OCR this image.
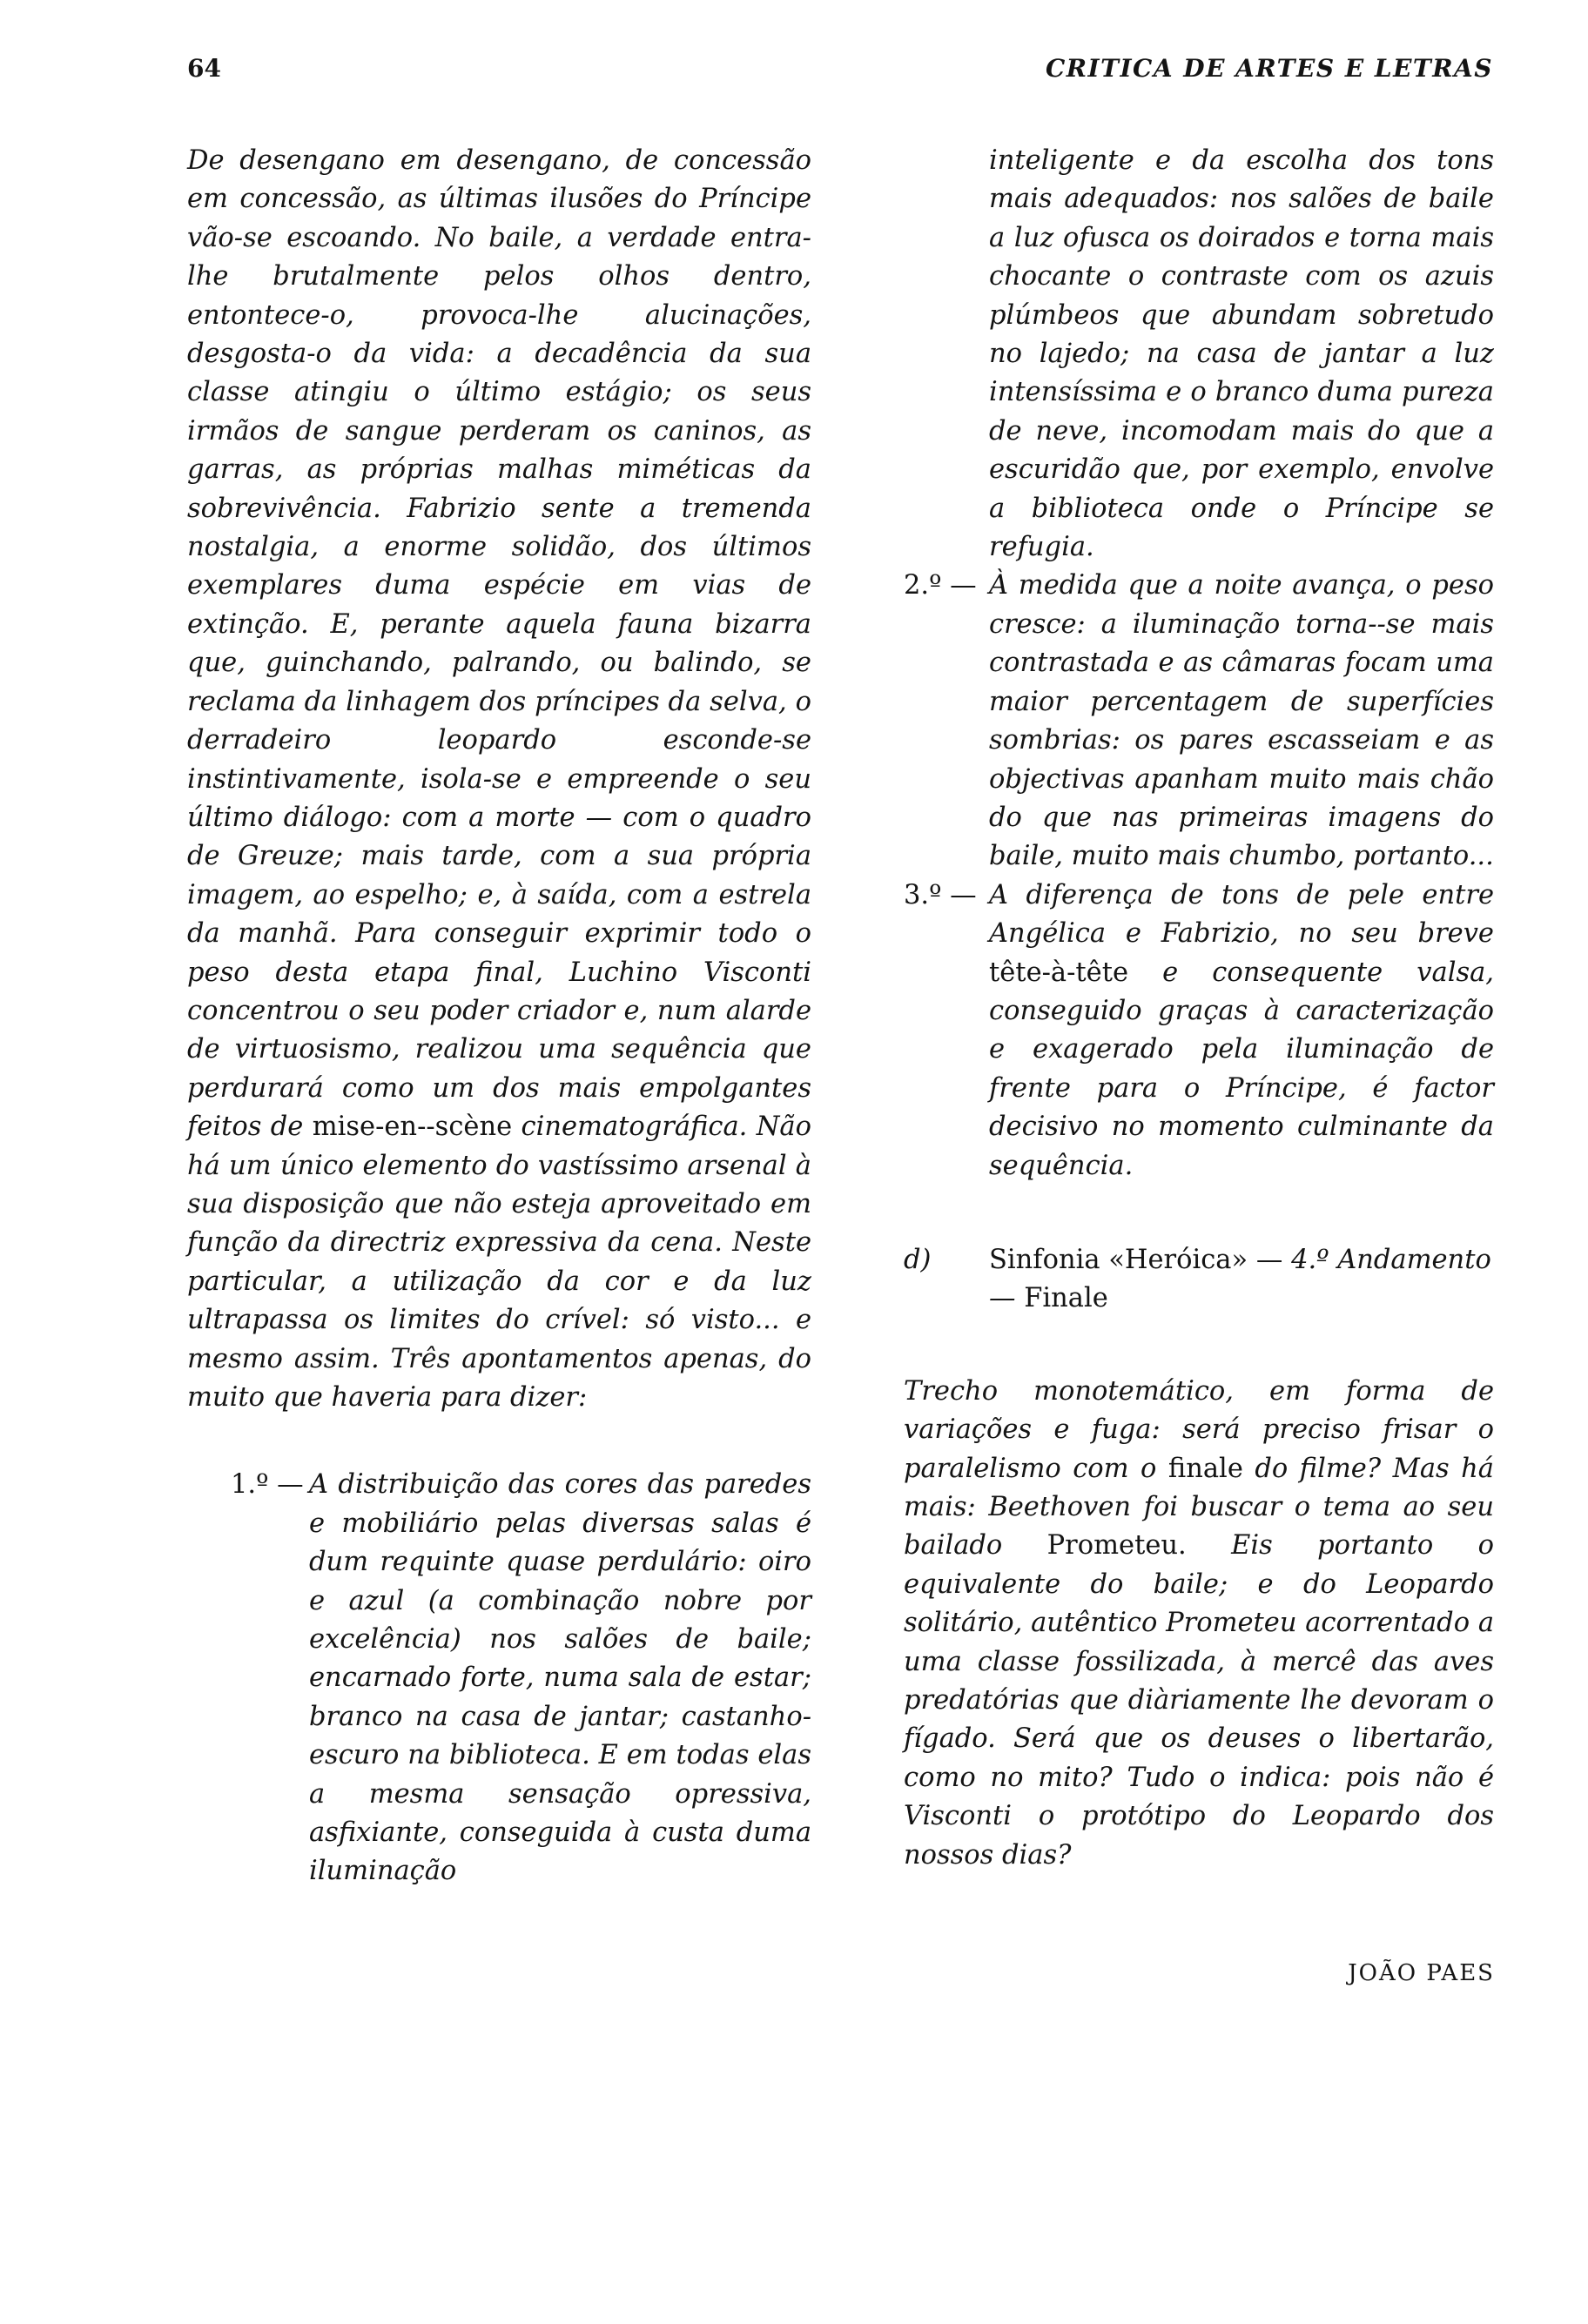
64	CRITICA DE ARTES E LETRAS

De desengano em desengano, de concessão em concessão, as últimas ilusões do Príncipe vão-se escoando. No baile, a verdade entra-lhe brutalmente pelos olhos dentro, entontece-o, provoca-lhe alucinações, desgosta-o da vida: a decadência da sua classe atingiu o último estágio; os seus irmãos de sangue perderam os caninos, as garras, as próprias malhas miméticas da sobrevivência. Fabrizio sente a tremenda nostalgia, a enorme solidão, dos últimos exemplares duma espécie em vias de extinção. E, perante aquela fauna bizarra que, guinchando, palrando, ou balindo, se reclama da linhagem dos príncipes da selva, o derradeiro leopardo esconde-se instintivamente, isola-se e empreende o seu último diálogo: com a morte — com o quadro de Greuze; mais tarde, com a sua própria imagem, ao espelho; e, à saída, com a estrela da manhã. Para conseguir exprimir todo o peso desta etapa final, Luchino Visconti concentrou o seu poder criador e, num alarde de virtuosismo, realizou uma sequência que perdurará como um dos mais empolgantes feitos de mise-en--scène cinematográfica. Não há um único elemento do vastíssimo arsenal à sua disposição que não esteja aproveitado em função da directriz expressiva da cena. Neste particular, a utilização da cor e da luz ultrapassa os limites do crível: só visto... e mesmo assim. Três apontamentos apenas, do muito que haveria para dizer:

1.º — A distribuição das cores das paredes e mobiliário pelas diversas salas é dum requinte quase perdulário: oiro e azul (a combinação nobre por excelência) nos salões de baile; encarnado forte, numa sala de estar; branco na casa de jantar; castanho-escuro na biblioteca. E em todas elas a mesma sensação opressiva, asfixiante, conseguida à custa duma iluminação

inteligente e da escolha dos tons mais adequados: nos salões de baile a luz ofusca os doirados e torna mais chocante o contraste com os azuis plúmbeos que abundam sobretudo no lajedo; na casa de jantar a luz intensíssima e o branco duma pureza de neve, incomodam mais do que a escuridão que, por exemplo, envolve a biblioteca onde o Príncipe se refugia.

2.º — À medida que a noite avança, o peso cresce: a iluminação torna--se mais contrastada e as câmaras focam uma maior percentagem de superfícies sombrias: os pares escasseiam e as objectivas apanham muito mais chão do que nas primeiras imagens do baile, muito mais chumbo, portanto...

3.º — A diferença de tons de pele entre Angélica e Fabrizio, no seu breve tête-à-tête e consequente valsa, conseguido graças à caracterização e exagerado pela iluminação de frente para o Príncipe, é factor decisivo no momento culminante da sequência.

d)	Sinfonia «Heróica» — 4.º Andamento — Finale

Trecho monotemático, em forma de variações e fuga: será preciso frisar o paralelismo com o finale do filme? Mas há mais: Beethoven foi buscar o tema ao seu bailado Prometeu. Eis portanto o equivalente do baile; e do Leopardo solitário, autêntico Prometeu acorrentado a uma classe fossilizada, à mercê das aves predatórias que diàriamente lhe devoram o fígado. Será que os deuses o libertarão, como no mito? Tudo o indica: pois não é Visconti o protótipo do Leopardo dos nossos dias?

JOÃO PAES
